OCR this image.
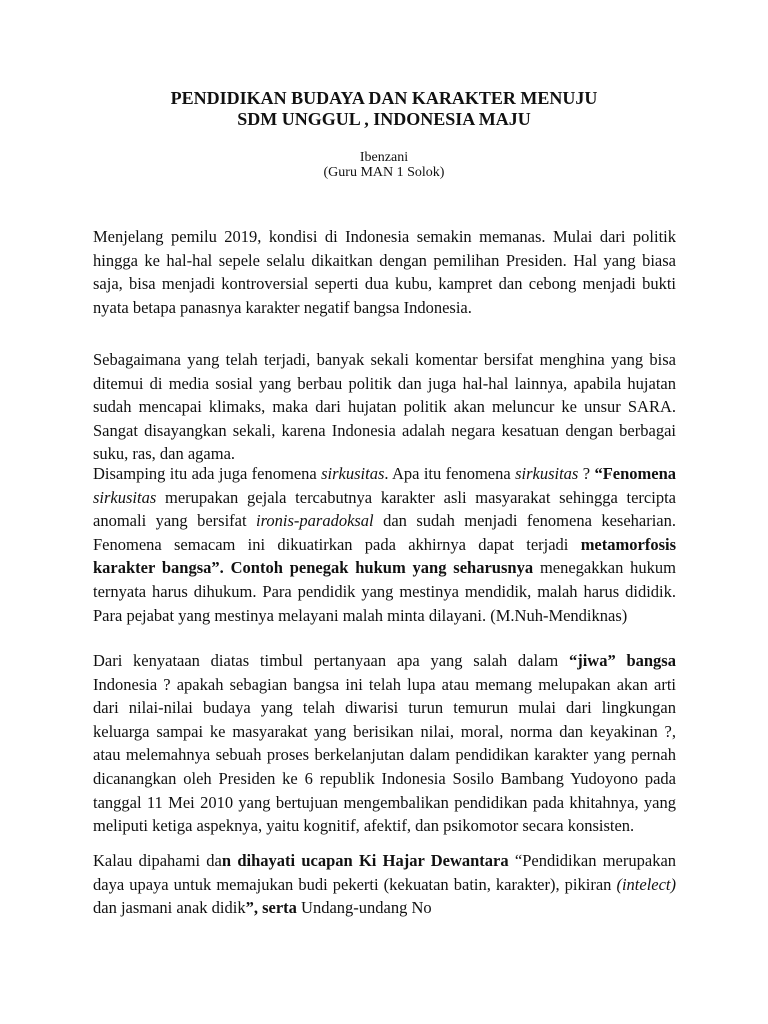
PENDIDIKAN BUDAYA DAN KARAKTER MENUJU
SDM UNGGUL , INDONESIA MAJU
Ibenzani
(Guru MAN 1 Solok)

Menjelang pemilu 2019, kondisi di Indonesia semakin memanas. Mulai dari politik hingga ke hal-hal sepele selalu dikaitkan dengan pemilihan Presiden. Hal yang biasa saja, bisa menjadi kontroversial seperti dua kubu, kampret dan cebong menjadi bukti nyata betapa panasnya karakter negatif bangsa Indonesia.

Sebagaimana yang telah terjadi, banyak sekali komentar bersifat menghina yang bisa ditemui di media sosial yang berbau politik dan juga hal-hal lainnya, apabila hujatan sudah mencapai klimaks, maka dari hujatan politik akan meluncur ke unsur SARA. Sangat disayangkan sekali, karena Indonesia adalah negara kesatuan dengan berbagai suku, ras, dan agama.

Disamping itu ada juga fenomena sirkusitas. Apa itu fenomena sirkusitas ? “Fenomena sirkusitas merupakan gejala tercabutnya karakter asli masyarakat sehingga tercipta anomali yang bersifat ironis-paradoksal dan sudah menjadi fenomena keseharian. Fenomena semacam ini dikuatirkan pada akhirnya dapat terjadi metamorfosis karakter bangsa”. Contoh penegak hukum yang seharusnya menegakkan hukum ternyata harus dihukum. Para pendidik yang mestinya mendidik, malah harus dididik. Para pejabat yang mestinya melayani malah minta dilayani. (M.Nuh-Mendiknas)

Dari kenyataan diatas timbul pertanyaan apa yang salah dalam “jiwa” bangsa Indonesia ? apakah sebagian bangsa ini telah lupa atau memang melupakan akan arti dari nilai-nilai budaya yang telah diwarisi turun temurun mulai dari lingkungan keluarga sampai ke masyarakat yang berisikan nilai, moral, norma dan keyakinan ?, atau melemahnya sebuah proses berkelanjutan dalam pendidikan karakter yang pernah dicanangkan oleh Presiden ke 6 republik Indonesia Sosilo Bambang Yudoyono pada tanggal 11 Mei 2010 yang bertujuan mengembalikan pendidikan pada khitahnya, yang meliputi ketiga aspeknya, yaitu kognitif, afektif, dan psikomotor secara konsisten.

Kalau dipahami dan dihayati ucapan Ki Hajar Dewantara “Pendidikan merupakan daya upaya untuk memajukan budi pekerti (kekuatan batin, karakter), pikiran (intelect) dan jasmani anak didik”, serta Undang-undang No
